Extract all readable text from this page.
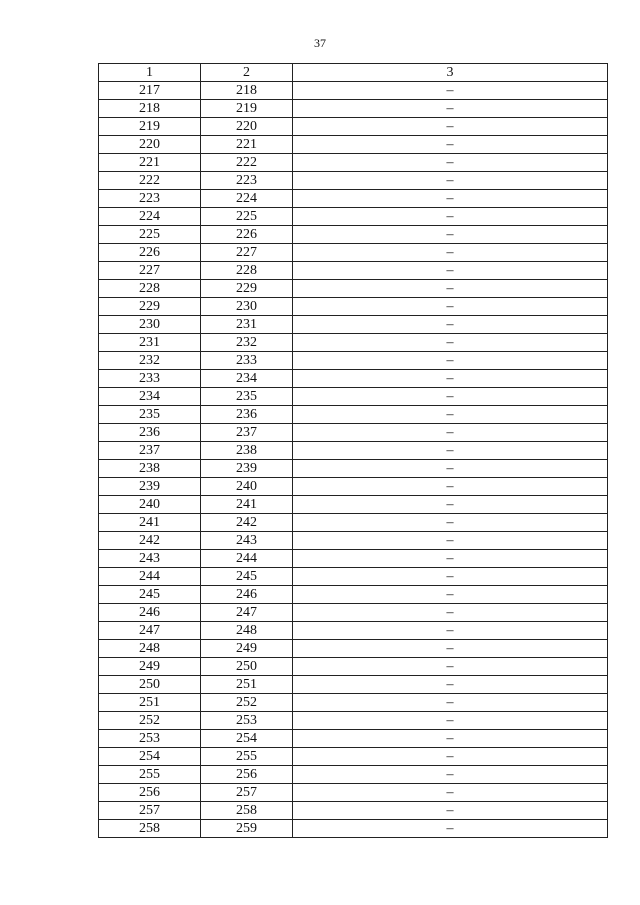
37
1	2	3
217	218	–
218	219	–
219	220	–
220	221	–
221	222	–
222	223	–
223	224	–
224	225	–
225	226	–
226	227	–
227	228	–
228	229	–
229	230	–
230	231	–
231	232	–
232	233	–
233	234	–
234	235	–
235	236	–
236	237	–
237	238	–
238	239	–
239	240	–
240	241	–
241	242	–
242	243	–
243	244	–
244	245	–
245	246	–
246	247	–
247	248	–
248	249	–
249	250	–
250	251	–
251	252	–
252	253	–
253	254	–
254	255	–
255	256	–
256	257	–
257	258	–
258	259	–
